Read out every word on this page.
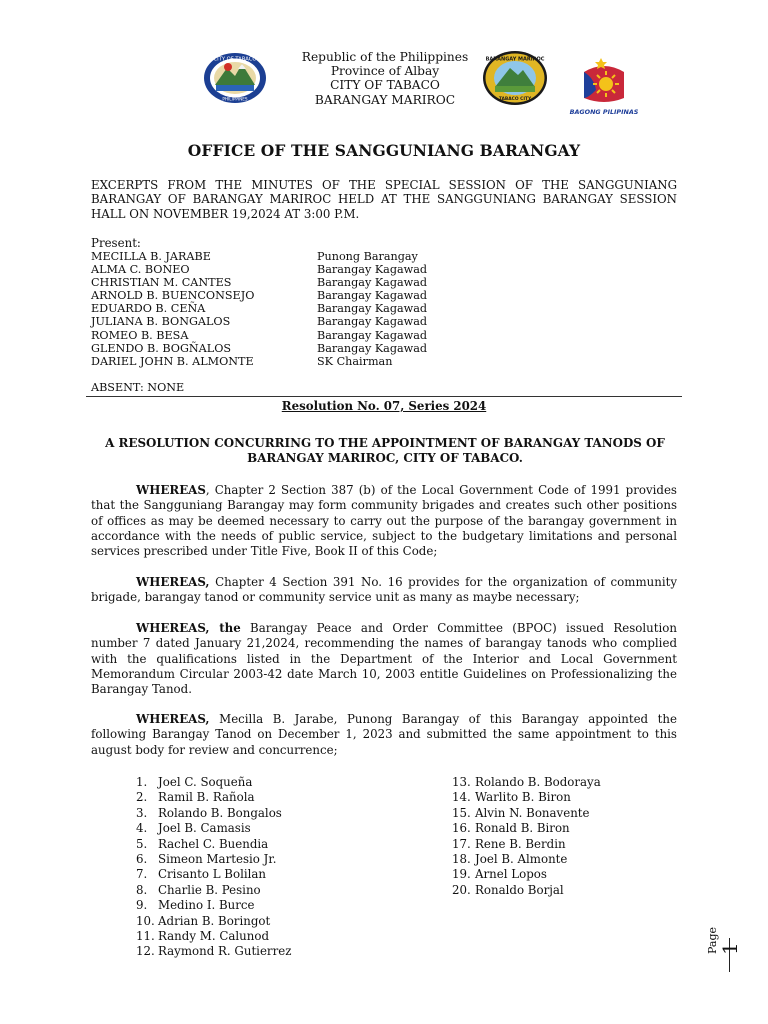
CITY OF TABACO
PHILIPPINES
Republic of the Philippines
Province of Albay
CITY OF TABACO
BARANGAY MARIROC
BARANGAY MARIROC
TABACO CITY
BAGONG PILIPINAS
OFFICE OF THE SANGGUNIANG BARANGAY
EXCERPTS FROM THE MINUTES OF THE SPECIAL SESSION OF THE SANGGUNIANG BARANGAY OF BARANGAY MARIROC HELD AT THE SANGGUNIANG BARANGAY SESSION HALL ON NOVEMBER 19,2024 AT 3:00 P.M.
Present:
MECILLA B. JARABE	Punong Barangay
ALMA C. BONEO	Barangay Kagawad
CHRISTIAN M. CANTES	Barangay Kagawad
ARNOLD B. BUENCONSEJO	Barangay Kagawad
EDUARDO B. CEÑA	Barangay Kagawad
JULIANA B. BONGALOS	Barangay Kagawad
ROMEO B. BESA	Barangay Kagawad
GLENDO B. BOGÑALOS	Barangay Kagawad
DARIEL JOHN B. ALMONTE	SK Chairman
ABSENT: NONE
Resolution No. 07, Series 2024
A RESOLUTION CONCURRING TO THE APPOINTMENT OF BARANGAY TANODS OF BARANGAY MARIROC, CITY OF TABACO.
WHEREAS, Chapter 2 Section 387 (b) of the Local Government Code of 1991 provides that the Sangguniang Barangay may form community brigades and creates such other positions of offices as may be deemed necessary to carry out the purpose of the barangay government in accordance with the needs of public service, subject to the budgetary limitations and personal services prescribed under Title Five, Book II of this Code;
WHEREAS, Chapter 4 Section 391 No. 16 provides for the organization of community brigade, barangay tanod or community service unit as many as maybe necessary;
WHEREAS, the Barangay Peace and Order Committee (BPOC) issued Resolution number 7 dated January 21,2024, recommending the names of barangay tanods who complied with the qualifications listed in the Department of the Interior and Local Government Memorandum Circular 2003-42 date March 10, 2003 entitle Guidelines on Professionalizing the Barangay Tanod.
WHEREAS, Mecilla B. Jarabe, Punong Barangay of this Barangay appointed the following Barangay Tanod on December 1, 2023 and submitted the same appointment to this august body for review and concurrence;
1. Joel C. Soqueña
2. Ramil B. Rañola
3. Rolando B. Bongalos
4. Joel B. Camasis
5. Rachel C. Buendia
6. Simeon Martesio Jr.
7. Crisanto L Bolilan
8. Charlie B. Pesino
9. Medino I. Burce
10. Adrian B. Boringot
11. Randy M. Calunod
12. Raymond R. Gutierrez
13. Rolando B. Bodoraya
14. Warlito B. Biron
15. Alvin N. Bonavente
16. Ronald B. Biron
17. Rene B. Berdin
18. Joel B. Almonte
19. Arnel Lopos
20. Ronaldo Borjal
Page 1
